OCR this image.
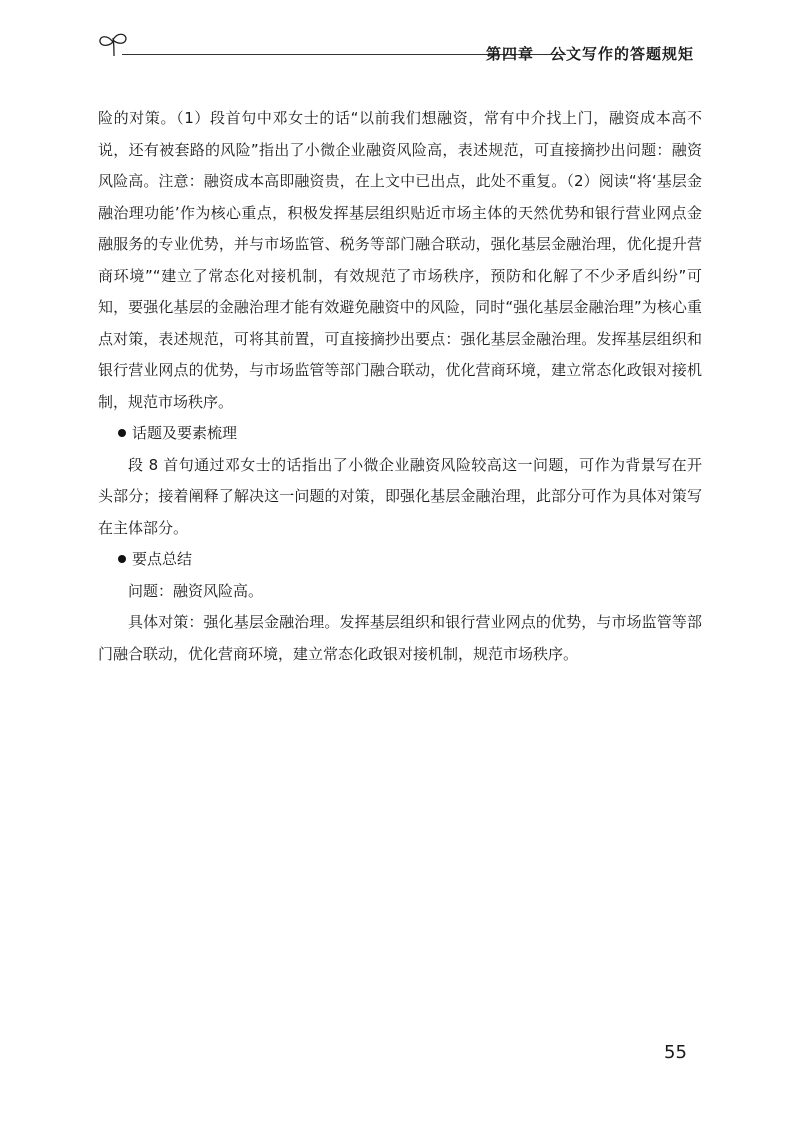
第四章　公文写作的答题规矩

险的对策。（1）段首句中邓女士的话“以前我们想融资，常有中介找上门，融资成本高不说，还有被套路的风险”指出了小微企业融资风险高，表述规范，可直接摘抄出问题：融资风险高。注意：融资成本高即融资贵，在上文中已出点，此处不重复。（2）阅读“将‘基层金融治理功能’作为核心重点，积极发挥基层组织贴近市场主体的天然优势和银行营业网点金融服务的专业优势，并与市场监管、税务等部门融合联动，强化基层金融治理，优化提升营商环境”“建立了常态化对接机制，有效规范了市场秩序，预防和化解了不少矛盾纠纷”可知，要强化基层的金融治理才能有效避免融资中的风险，同时“强化基层金融治理”为核心重点对策，表述规范，可将其前置，可直接摘抄出要点：强化基层金融治理。发挥基层组织和银行营业网点的优势，与市场监管等部门融合联动，优化营商环境，建立常态化政银对接机制，规范市场秩序。

话题及要素梳理

段 8 首句通过邓女士的话指出了小微企业融资风险较高这一问题，可作为背景写在开头部分；接着阐释了解决这一问题的对策，即强化基层金融治理，此部分可作为具体对策写在主体部分。

要点总结

问题：融资风险高。

具体对策：强化基层金融治理。发挥基层组织和银行营业网点的优势，与市场监管等部门融合联动，优化营商环境，建立常态化政银对接机制，规范市场秩序。

55
